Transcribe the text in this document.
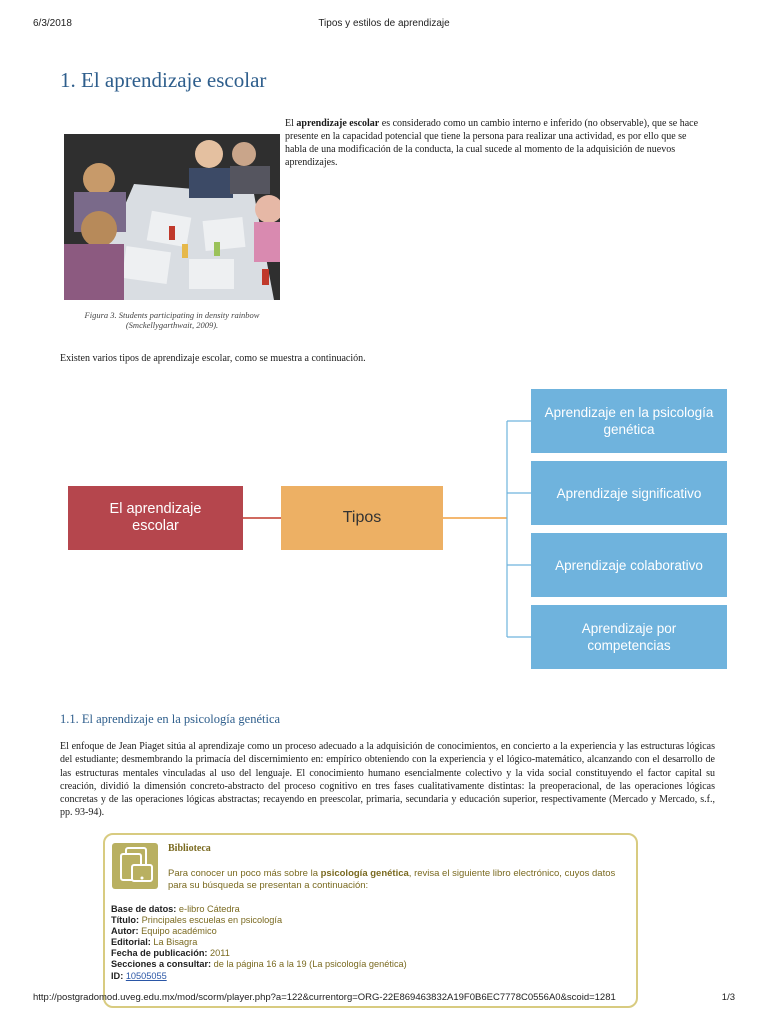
6/3/2018	Tipos y estilos de aprendizaje
1. El aprendizaje escolar
Figura 3. Students participating in density rainbow
(Smckellygarthwait, 2009).

El aprendizaje escolar es considerado como un cambio interno e inferido (no observable), que se hace presente en la capacidad potencial que tiene la persona para realizar una actividad, es por ello que se habla de una modificación de la conducta, la cual sucede al momento de la adquisición de nuevos aprendizajes.

Existen varios tipos de aprendizaje escolar, como se muestra a continuación.

El aprendizaje escolar	Tipos
Aprendizaje en la psicología genética
Aprendizaje significativo
Aprendizaje colaborativo
Aprendizaje por competencias
1.1. El aprendizaje en la psicología genética

El enfoque de Jean Piaget sitúa al aprendizaje como un proceso adecuado a la adquisición de conocimientos, en concierto a la experiencia y las estructuras lógicas del estudiante; desmembrando la primacía del discernimiento en: empírico obteniendo con la experiencia y el lógico-matemático, alcanzando con el desarrollo de las estructuras mentales vinculadas al uso del lenguaje. El conocimiento humano esencialmente colectivo y la vida social constituyendo el factor capital su creación, dividió la dimensión concreto-abstracto del proceso cognitivo en tres fases cualitativamente distintas: la preoperacional, de las operaciones lógicas concretas y de las operaciones lógicas abstractas; recayendo en preescolar, primaria, secundaria y educación superior, respectivamente (Mercado y Mercado, s.f., pp. 93-94).

Biblioteca
Para conocer un poco más sobre la psicología genética, revisa el siguiente libro electrónico, cuyos datos para su búsqueda se presentan a continuación:
Base de datos: e-libro Cátedra
Título: Principales escuelas en psicología
Autor: Equipo académico
Editorial: La Bisagra
Fecha de publicación: 2011
Secciones a consultar: de la página 16 a la 19 (La psicología genética)
ID: 10505055
http://postgradomod.uveg.edu.mx/mod/scorm/player.php?a=122&currentorg=ORG-22E869463832A19F0B6EC7778C0556A0&scoid=1281	1/3
